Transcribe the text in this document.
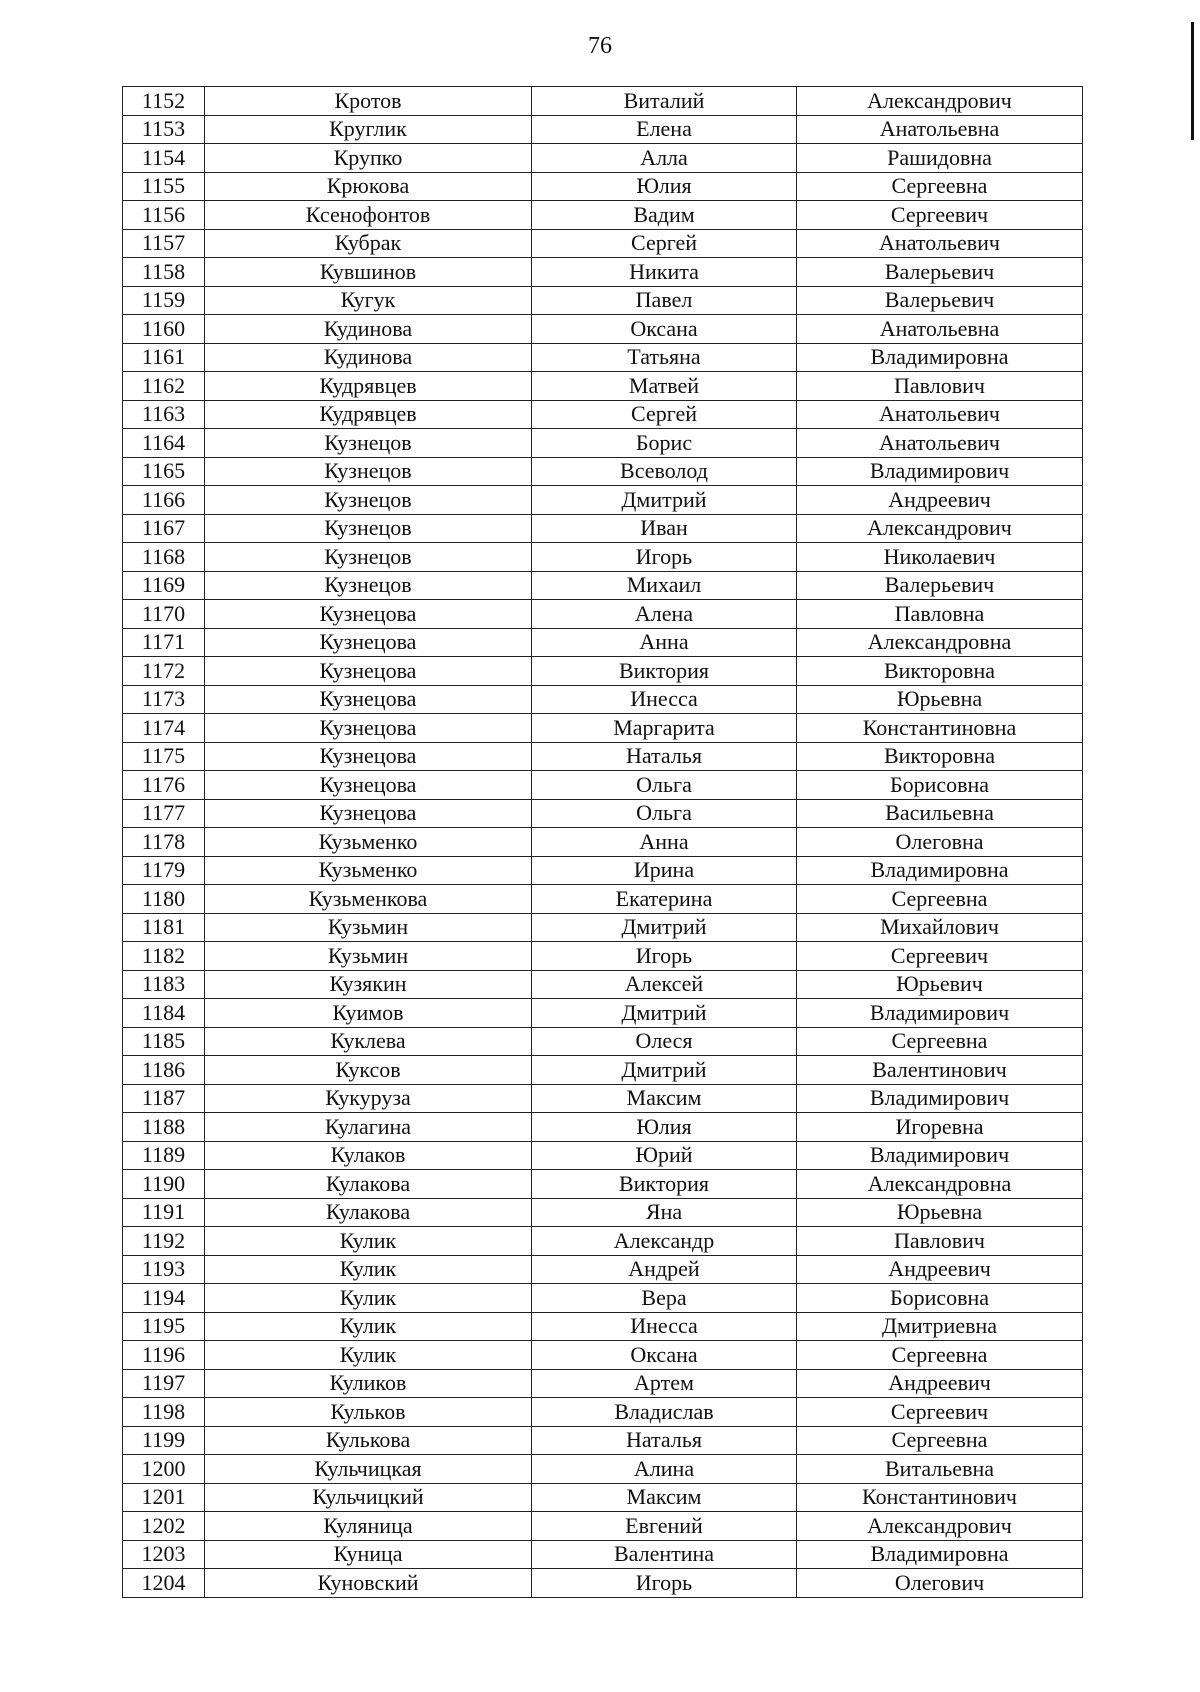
76
1152	Кротов	Виталий	Александрович
1153	Круглик	Елена	Анатольевна
1154	Крупко	Алла	Рашидовна
1155	Крюкова	Юлия	Сергеевна
1156	Ксенофонтов	Вадим	Сергеевич
1157	Кубрак	Сергей	Анатольевич
1158	Кувшинов	Никита	Валерьевич
1159	Кугук	Павел	Валерьевич
1160	Кудинова	Оксана	Анатольевна
1161	Кудинова	Татьяна	Владимировна
1162	Кудрявцев	Матвей	Павлович
1163	Кудрявцев	Сергей	Анатольевич
1164	Кузнецов	Борис	Анатольевич
1165	Кузнецов	Всеволод	Владимирович
1166	Кузнецов	Дмитрий	Андреевич
1167	Кузнецов	Иван	Александрович
1168	Кузнецов	Игорь	Николаевич
1169	Кузнецов	Михаил	Валерьевич
1170	Кузнецова	Алена	Павловна
1171	Кузнецова	Анна	Александровна
1172	Кузнецова	Виктория	Викторовна
1173	Кузнецова	Инесса	Юрьевна
1174	Кузнецова	Маргарита	Константиновна
1175	Кузнецова	Наталья	Викторовна
1176	Кузнецова	Ольга	Борисовна
1177	Кузнецова	Ольга	Васильевна
1178	Кузьменко	Анна	Олеговна
1179	Кузьменко	Ирина	Владимировна
1180	Кузьменкова	Екатерина	Сергеевна
1181	Кузьмин	Дмитрий	Михайлович
1182	Кузьмин	Игорь	Сергеевич
1183	Кузякин	Алексей	Юрьевич
1184	Куимов	Дмитрий	Владимирович
1185	Куклева	Олеся	Сергеевна
1186	Куксов	Дмитрий	Валентинович
1187	Кукуруза	Максим	Владимирович
1188	Кулагина	Юлия	Игоревна
1189	Кулаков	Юрий	Владимирович
1190	Кулакова	Виктория	Александровна
1191	Кулакова	Яна	Юрьевна
1192	Кулик	Александр	Павлович
1193	Кулик	Андрей	Андреевич
1194	Кулик	Вера	Борисовна
1195	Кулик	Инесса	Дмитриевна
1196	Кулик	Оксана	Сергеевна
1197	Куликов	Артем	Андреевич
1198	Кульков	Владислав	Сергеевич
1199	Кулькова	Наталья	Сергеевна
1200	Кульчицкая	Алина	Витальевна
1201	Кульчицкий	Максим	Константинович
1202	Куляница	Евгений	Александрович
1203	Куница	Валентина	Владимировна
1204	Куновский	Игорь	Олегович
